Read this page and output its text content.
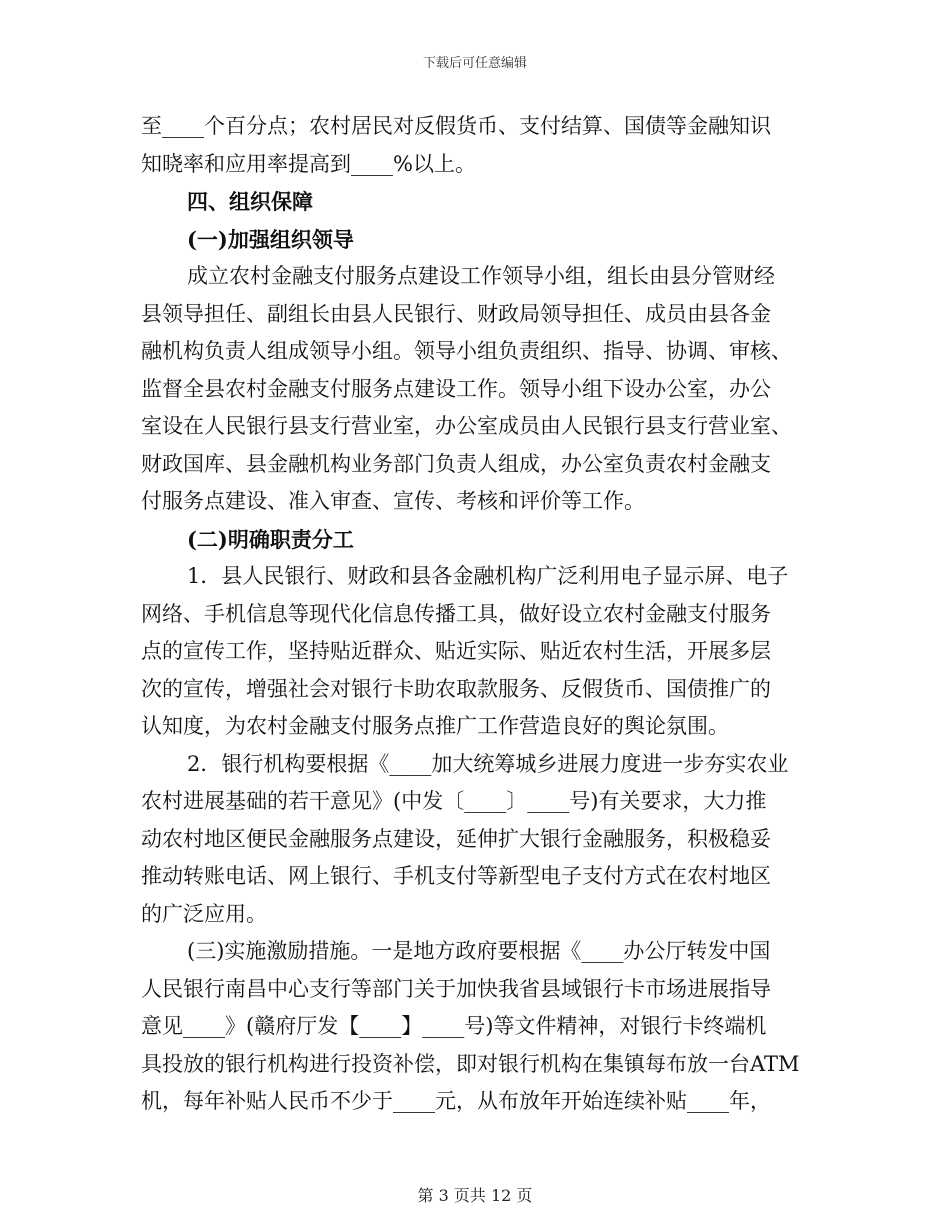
下载后可任意编辑
至____个百分点；农村居民对反假货币、支付结算、国债等金融知识
知晓率和应用率提高到____%以上。
四、组织保障
(一)加强组织领导
成立农村金融支付服务点建设工作领导小组，组长由县分管财经
县领导担任、副组长由县人民银行、财政局领导担任、成员由县各金
融机构负责人组成领导小组。领导小组负责组织、指导、协调、审核、
监督全县农村金融支付服务点建设工作。领导小组下设办公室，办公
室设在人民银行县支行营业室，办公室成员由人民银行县支行营业室、
财政国库、县金融机构业务部门负责人组成，办公室负责农村金融支
付服务点建设、准入审查、宣传、考核和评价等工作。
(二)明确职责分工
1．县人民银行、财政和县各金融机构广泛利用电子显示屏、电子
网络、手机信息等现代化信息传播工具，做好设立农村金融支付服务
点的宣传工作，坚持贴近群众、贴近实际、贴近农村生活，开展多层
次的宣传，增强社会对银行卡助农取款服务、反假货币、国债推广的
认知度，为农村金融支付服务点推广工作营造良好的舆论氛围。
2．银行机构要根据《____加大统筹城乡进展力度进一步夯实农业
农村进展基础的若干意见》(中发〔____〕____号)有关要求，大力推
动农村地区便民金融服务点建设，延伸扩大银行金融服务，积极稳妥
推动转账电话、网上银行、手机支付等新型电子支付方式在农村地区
的广泛应用。
(三)实施激励措施。一是地方政府要根据《____办公厅转发中国
人民银行南昌中心支行等部门关于加快我省县域银行卡市场进展指导
意见____》(赣府厅发【____】____号)等文件精神，对银行卡终端机
具投放的银行机构进行投资补偿，即对银行机构在集镇每布放一台ATM
机，每年补贴人民币不少于____元，从布放年开始连续补贴____年，
第 3 页共 12 页
